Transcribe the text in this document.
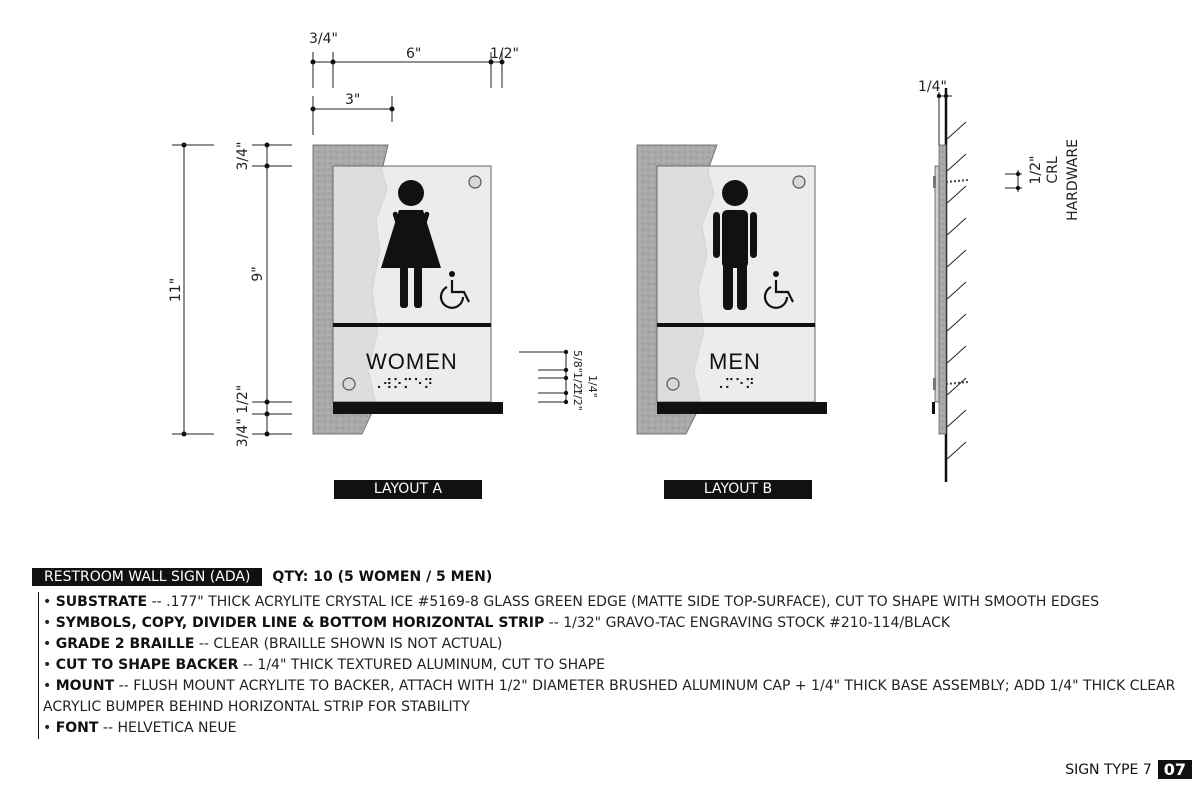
3/4"
6"	1/2"
3"
11"
9"
3/4"
3/4" 1/2"
WOMEN
⠠⠺⠕⠍⠑⠝
5/8"
1/2"
1/2"
1/4"
MEN
⠠⠍⠑⠝
1/4"
1/2" CRL HARDWARE
LAYOUT A	LAYOUT B
RESTROOM WALL SIGN (ADA)	QTY: 10 (5 WOMEN / 5 MEN)
• SUBSTRATE -- .177" THICK ACRYLITE CRYSTAL ICE #5169-8 GLASS GREEN EDGE (MATTE SIDE TOP-SURFACE), CUT TO SHAPE WITH SMOOTH EDGES
• SYMBOLS, COPY, DIVIDER LINE & BOTTOM HORIZONTAL STRIP -- 1/32" GRAVO-TAC ENGRAVING STOCK #210-114/BLACK
• GRADE 2 BRAILLE -- CLEAR (BRAILLE SHOWN IS NOT ACTUAL)
• CUT TO SHAPE BACKER -- 1/4" THICK TEXTURED ALUMINUM, CUT TO SHAPE
• MOUNT -- FLUSH MOUNT ACRYLITE TO BACKER, ATTACH WITH 1/2" DIAMETER BRUSHED ALUMINUM CAP + 1/4" THICK BASE ASSEMBLY; ADD 1/4" THICK CLEAR ACRYLIC BUMPER BEHIND HORIZONTAL STRIP FOR STABILITY
• FONT -- HELVETICA NEUE
SIGN TYPE 7 07
